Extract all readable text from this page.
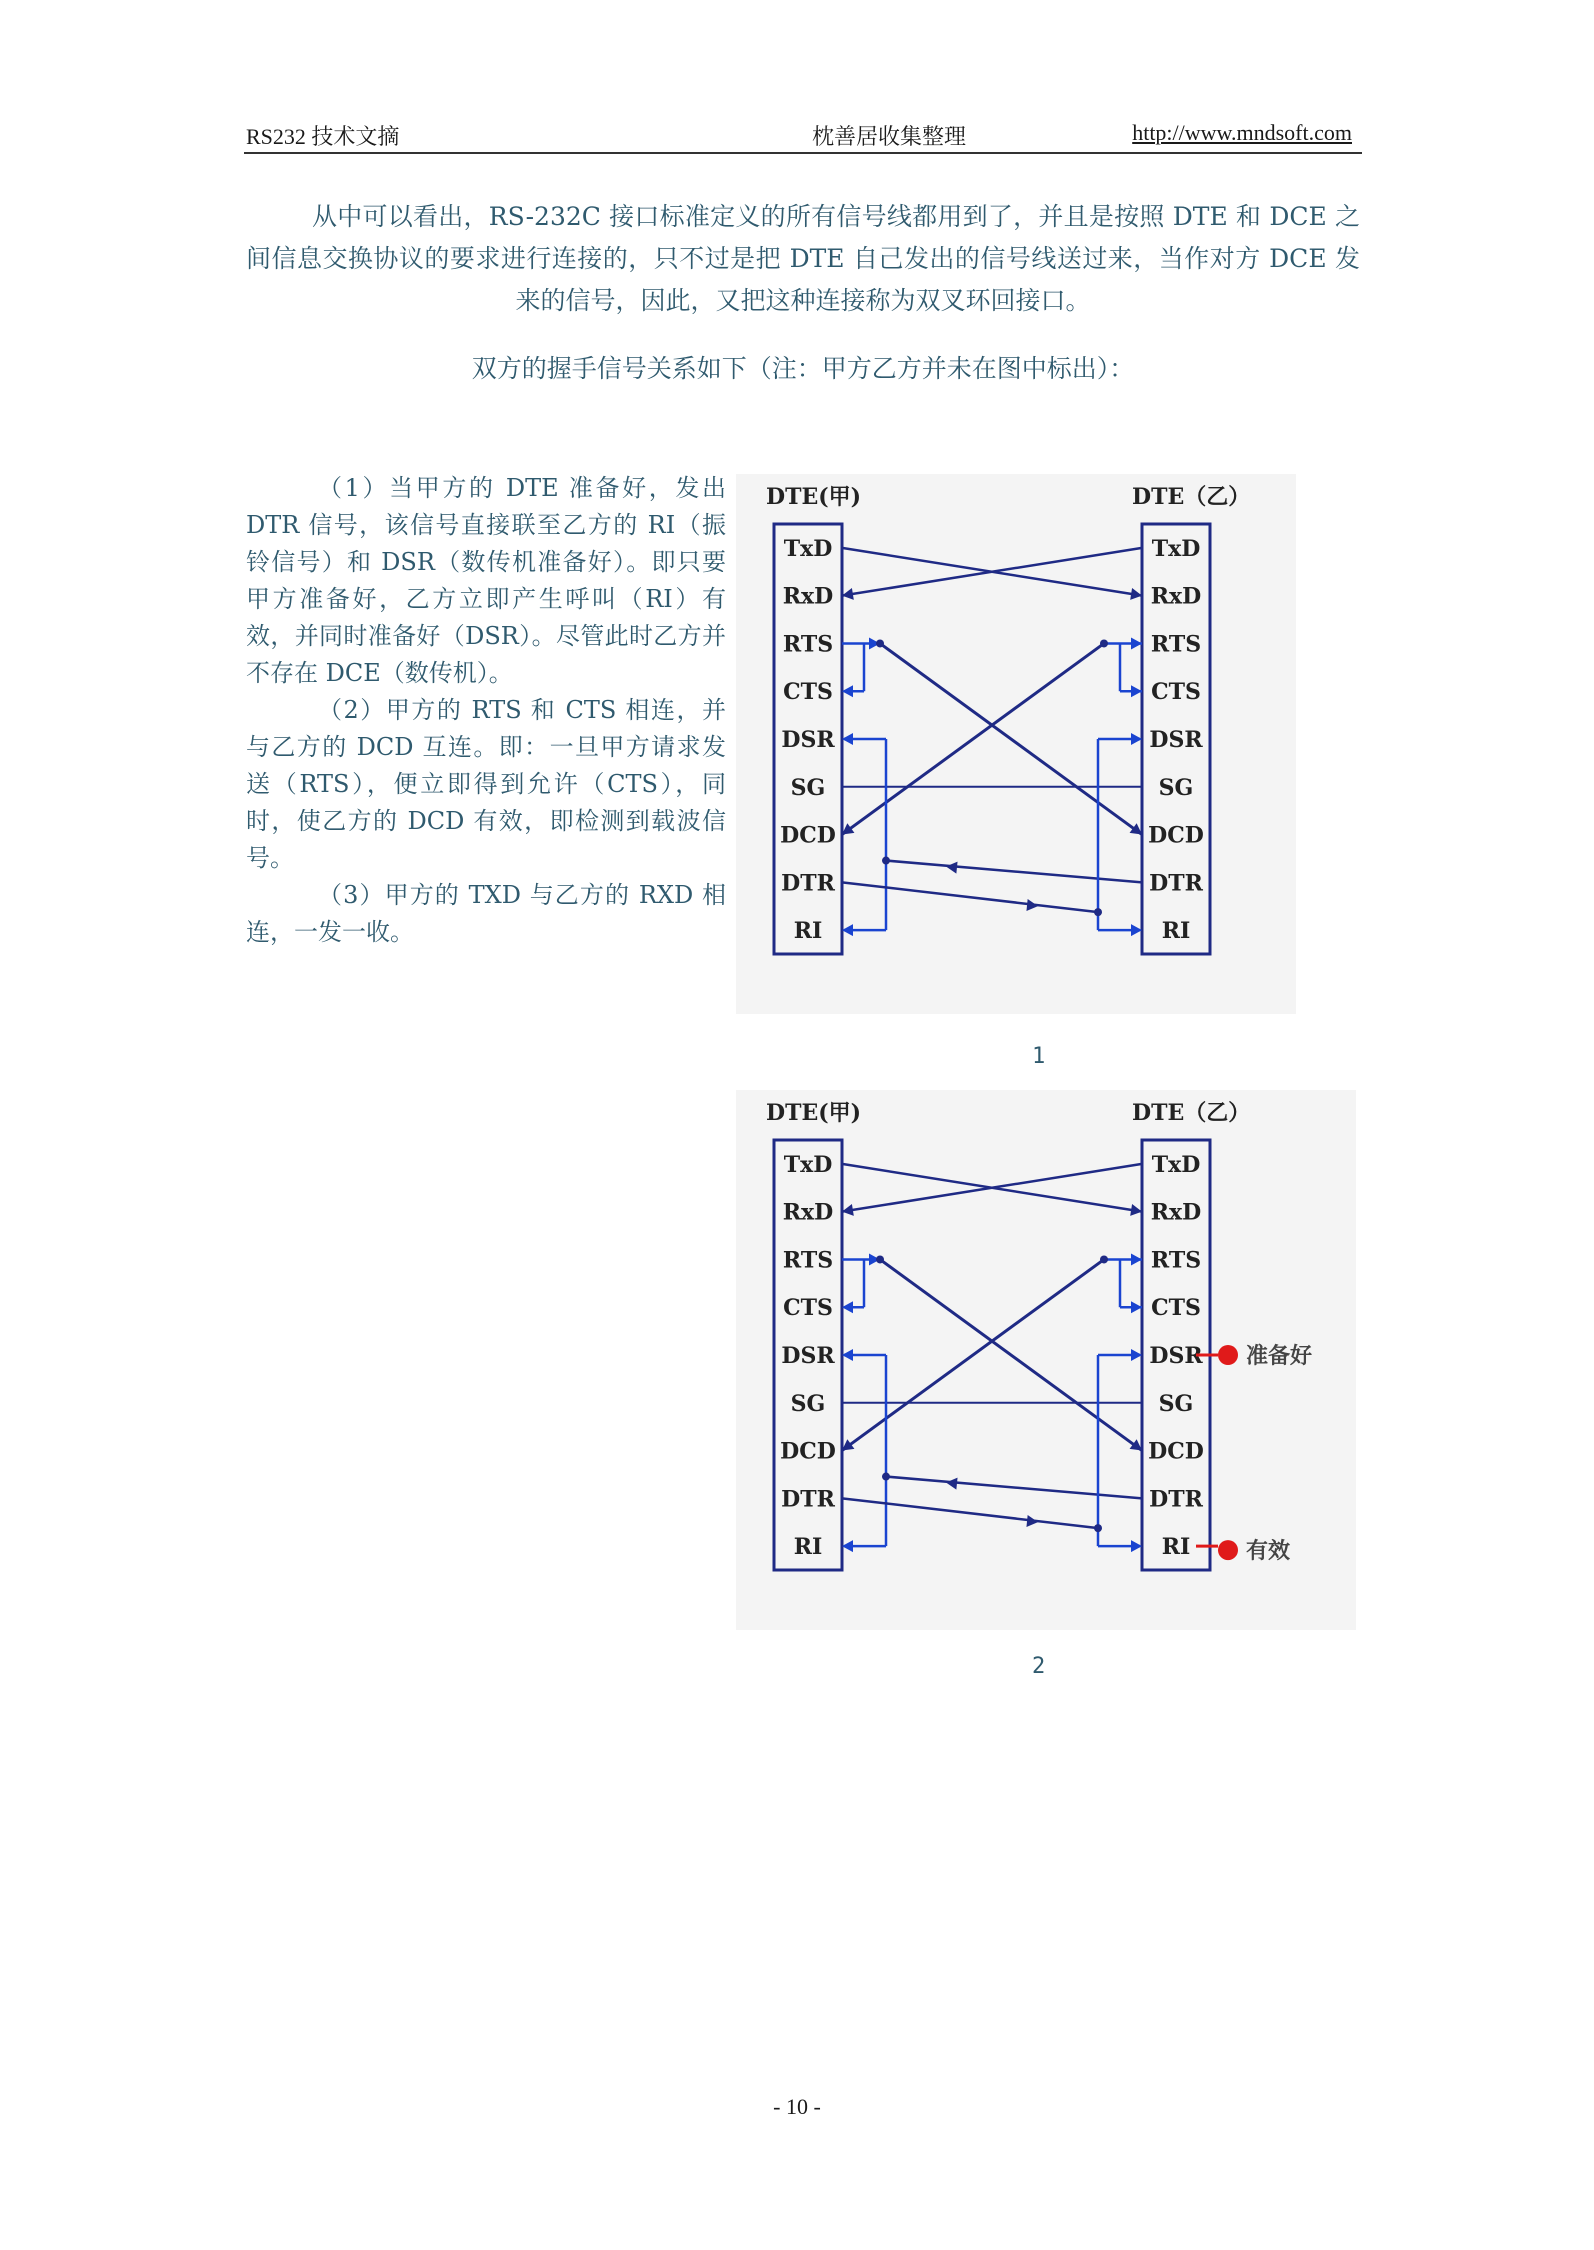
RS232 技术文摘	枕善居收集整理	http://www.mndsoft.com
从中可以看出，RS-232C 接口标准定义的所有信号线都用到了，并且是按照 DTE 和 DCE 之间信息交换协议的要求进行连接的，只不过是把 DTE 自己发出的信号线送过来，当作对方 DCE 发来的信号，因此，又把这种连接称为双叉环回接口。
双方的握手信号关系如下（注：甲方乙方并未在图中标出）：

（1）当甲方的 DTE 准备好，发出 DTR 信号，该信号直接联至乙方的 RI（振铃信号）和 DSR（数传机准备好）。即只要甲方准备好，乙方立即产生呼叫（RI）有效，并同时准备好（DSR）。尽管此时乙方并不存在 DCE（数传机）。

（2）甲方的 RTS 和 CTS 相连，并与乙方的 DCD 互连。即：一旦甲方请求发送（RTS），便立即得到允许（CTS），同时，使乙方的 DCD 有效，即检测到载波信号。

（3）甲方的 TXD 与乙方的 RXD 相连，一发一收。

DTE(甲)	DTE（乙）
TxD	TxD
RxD	RxD
RTS	RTS
CTS	CTS
DSR	DSR
SG	SG
DCD	DCD
DTR	DTR
RI	RI
1
DTE(甲)	DTE（乙）
TxD	TxD
RxD	RxD
RTS	RTS
CTS	CTS
DSR	DSR
SG	SG
DCD	DCD
DTR	DTR
RI	RI
准备好
有效
2
- 10 -
